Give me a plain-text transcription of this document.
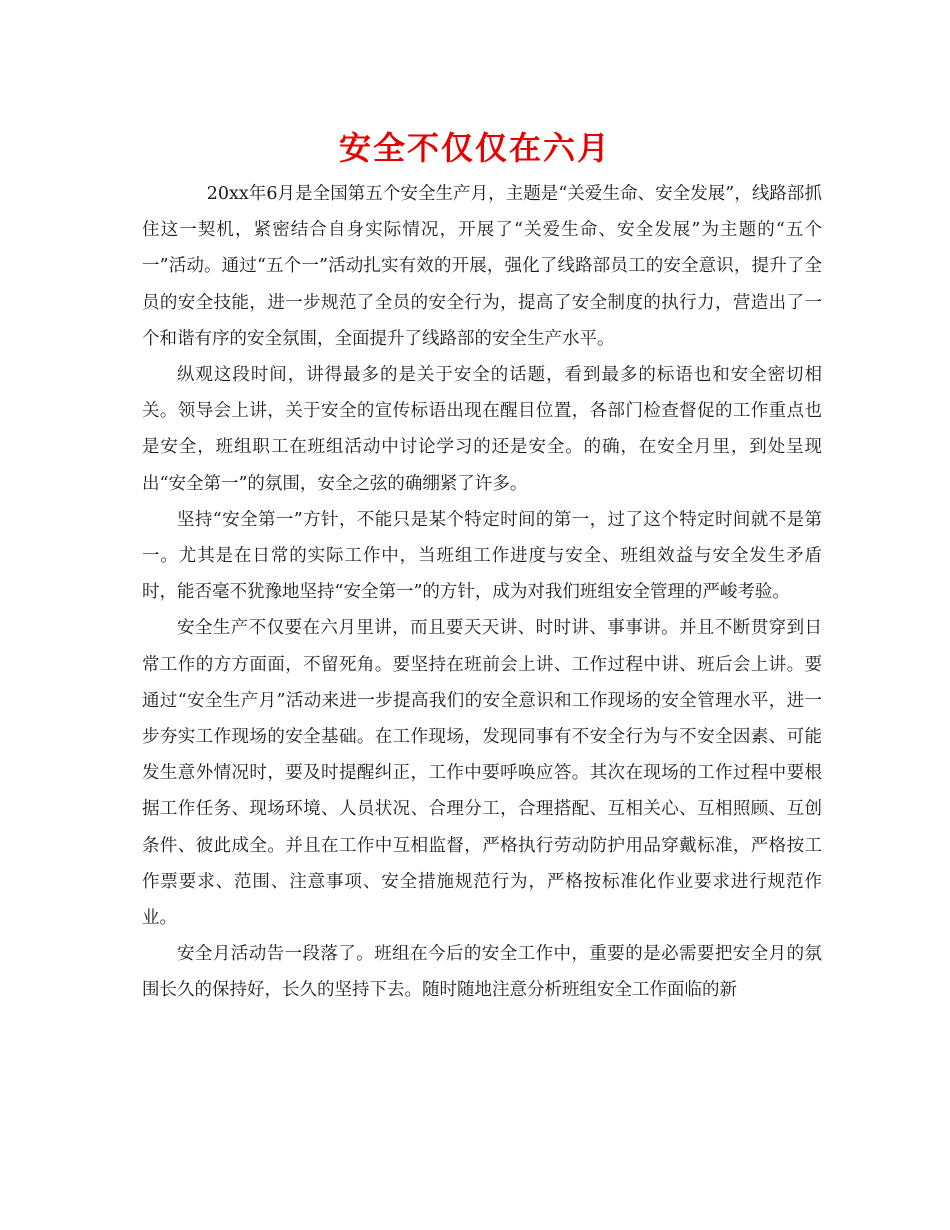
安全不仅仅在六月

20xx年6月是全国第五个安全生产月，主题是“关爱生命、安全发展”，线路部抓住这一契机，紧密结合自身实际情况，开展了“关爱生命、安全发展”为主题的“五个一”活动。通过“五个一”活动扎实有效的开展，强化了线路部员工的安全意识，提升了全员的安全技能，进一步规范了全员的安全行为，提高了安全制度的执行力，营造出了一个和谐有序的安全氛围，全面提升了线路部的安全生产水平。

纵观这段时间，讲得最多的是关于安全的话题，看到最多的标语也和安全密切相关。领导会上讲，关于安全的宣传标语出现在醒目位置，各部门检查督促的工作重点也是安全，班组职工在班组活动中讨论学习的还是安全。的确，在安全月里，到处呈现出“安全第一”的氛围，安全之弦的确绷紧了许多。

坚持“安全第一”方针，不能只是某个特定时间的第一，过了这个特定时间就不是第一。尤其是在日常的实际工作中，当班组工作进度与安全、班组效益与安全发生矛盾时，能否毫不犹豫地坚持“安全第一”的方针，成为对我们班组安全管理的严峻考验。

安全生产不仅要在六月里讲，而且要天天讲、时时讲、事事讲。并且不断贯穿到日常工作的方方面面，不留死角。要坚持在班前会上讲、工作过程中讲、班后会上讲。要通过“安全生产月”活动来进一步提高我们的安全意识和工作现场的安全管理水平，进一步夯实工作现场的安全基础。在工作现场，发现同事有不安全行为与不安全因素、可能发生意外情况时，要及时提醒纠正，工作中要呼唤应答。其次在现场的工作过程中要根据工作任务、现场环境、人员状况、合理分工，合理搭配、互相关心、互相照顾、互创条件、彼此成全。并且在工作中互相监督，严格执行劳动防护用品穿戴标准，严格按工作票要求、范围、注意事项、安全措施规范行为，严格按标准化作业要求进行规范作业。

安全月活动告一段落了。班组在今后的安全工作中，重要的是必需要把安全月的氛围长久的保持好，长久的坚持下去。随时随地注意分析班组安全工作面临的新
